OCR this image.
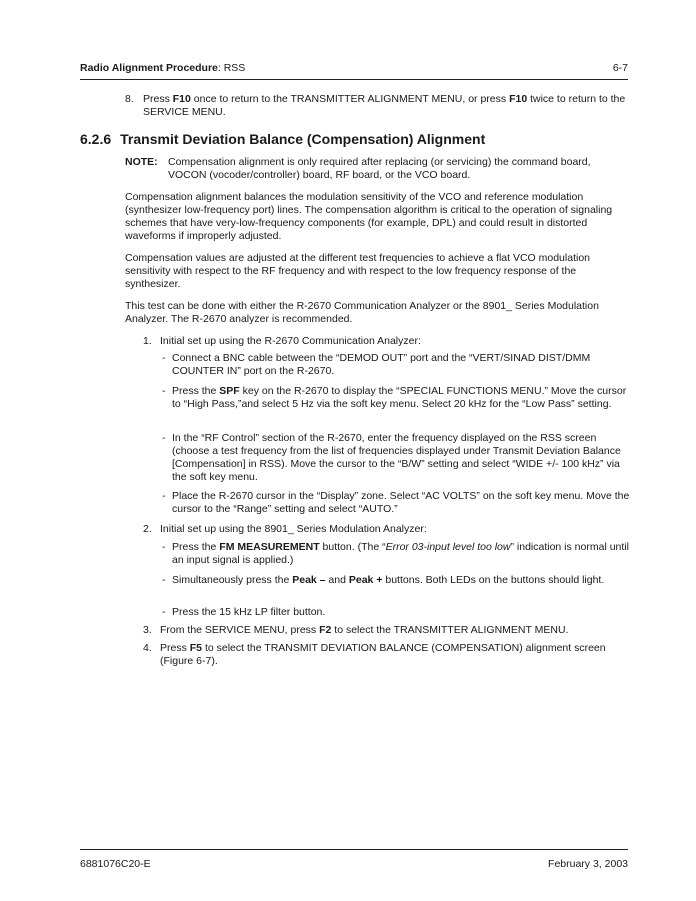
Radio Alignment Procedure: RSS	6-7
8. Press F10 once to return to the TRANSMITTER ALIGNMENT MENU, or press F10 twice to return to the SERVICE MENU.
6.2.6 Transmit Deviation Balance (Compensation) Alignment
NOTE: Compensation alignment is only required after replacing (or servicing) the command board, VOCON (vocoder/controller) board, RF board, or the VCO board.
Compensation alignment balances the modulation sensitivity of the VCO and reference modulation (synthesizer low-frequency port) lines. The compensation algorithm is critical to the operation of signaling schemes that have very-low-frequency components (for example, DPL) and could result in distorted waveforms if improperly adjusted.
Compensation values are adjusted at the different test frequencies to achieve a flat VCO modulation sensitivity with respect to the RF frequency and with respect to the low frequency response of the synthesizer.
This test can be done with either the R-2670 Communication Analyzer or the 8901_ Series Modulation Analyzer. The R-2670 analyzer is recommended.
1. Initial set up using the R-2670 Communication Analyzer:
- Connect a BNC cable between the “DEMOD OUT” port and the “VERT/SINAD DIST/DMM COUNTER IN” port on the R-2670.
- Press the SPF key on the R-2670 to display the “SPECIAL FUNCTIONS MENU.” Move the cursor to “High Pass,”and select 5 Hz via the soft key menu. Select 20 kHz for the “Low Pass” setting.
- In the “RF Control” section of the R-2670, enter the frequency displayed on the RSS screen (choose a test frequency from the list of frequencies displayed under Transmit Deviation Balance [Compensation] in RSS). Move the cursor to the “B/W” setting and select “WIDE +/- 100 kHz” via the soft key menu.
- Place the R-2670 cursor in the “Display” zone. Select “AC VOLTS” on the soft key menu. Move the cursor to the “Range” setting and select “AUTO.”
2. Initial set up using the 8901_ Series Modulation Analyzer:
- Press the FM MEASUREMENT button. (The “Error 03-input level too low” indication is normal until an input signal is applied.)
- Simultaneously press the Peak – and Peak + buttons. Both LEDs on the buttons should light.
- Press the 15 kHz LP filter button.
3. From the SERVICE MENU, press F2 to select the TRANSMITTER ALIGNMENT MENU.
4. Press F5 to select the TRANSMIT DEVIATION BALANCE (COMPENSATION) alignment screen (Figure 6-7).
6881076C20-E	February 3, 2003
